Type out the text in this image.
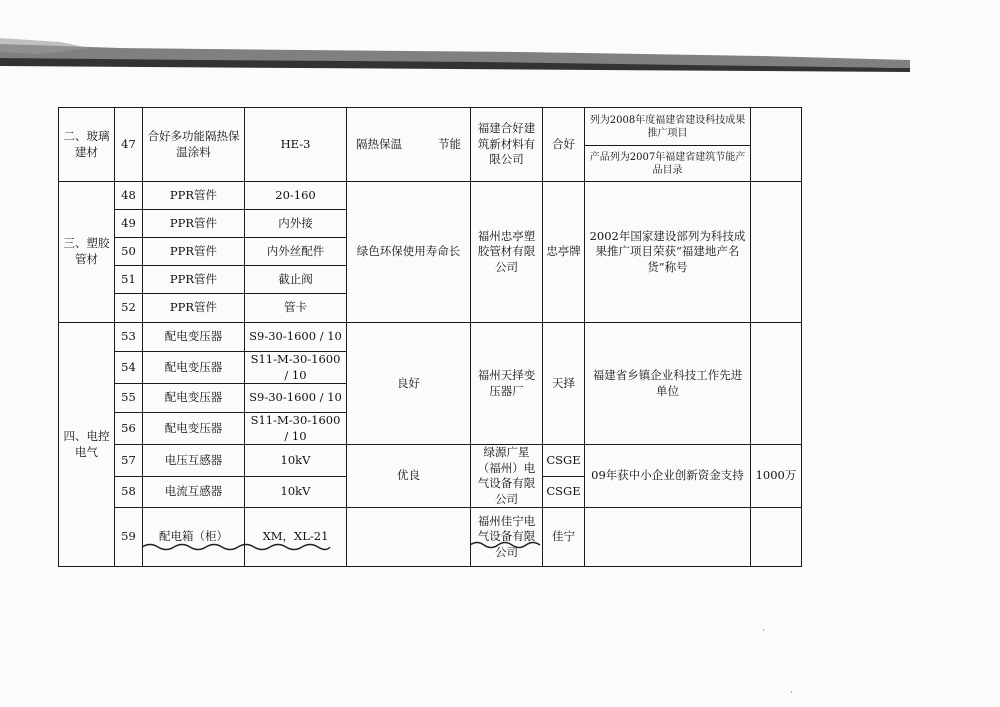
二、玻璃建材	47	合好多功能隔热保温涂料	HE-3	隔热保温 节能	福建合好建筑新材料有限公司	合好	列为2008年度福建省建设科技成果推广项目	
							产品列为2007年福建省建筑节能产品目录	
三、塑胶管材	48	PPR管件	20-160	绿色环保使用寿命长	福州忠亭塑胶管材有限公司	忠亭牌	2002年国家建设部列为科技成果推广项目荣获“福建地产名货”称号	
	49	PPR管件	内外接					
	50	PPR管件	内外丝配件					
	51	PPR管件	截止阀					
	52	PPR管件	管卡					
四、电控电气	53	配电变压器	S9-30-1600 / 10	良好	福州天择变压器厂	天择	福建省乡镇企业科技工作先进单位	
	54	配电变压器	S11-M-30-1600 / 10					
	55	配电变压器	S9-30-1600 / 10					
	56	配电变压器	S11-M-30-1600 / 10					
	57	电压互感器	10kV	优良	绿源广星（福州）电气设备有限公司	CSGE	09年获中小企业创新资金支持	1000万
	58	电流互感器	10kV			CSGE		
	59	配电箱（柜）	XM，XL-21		福州佳宁电气设备有限公司	佳宁		
·
·
